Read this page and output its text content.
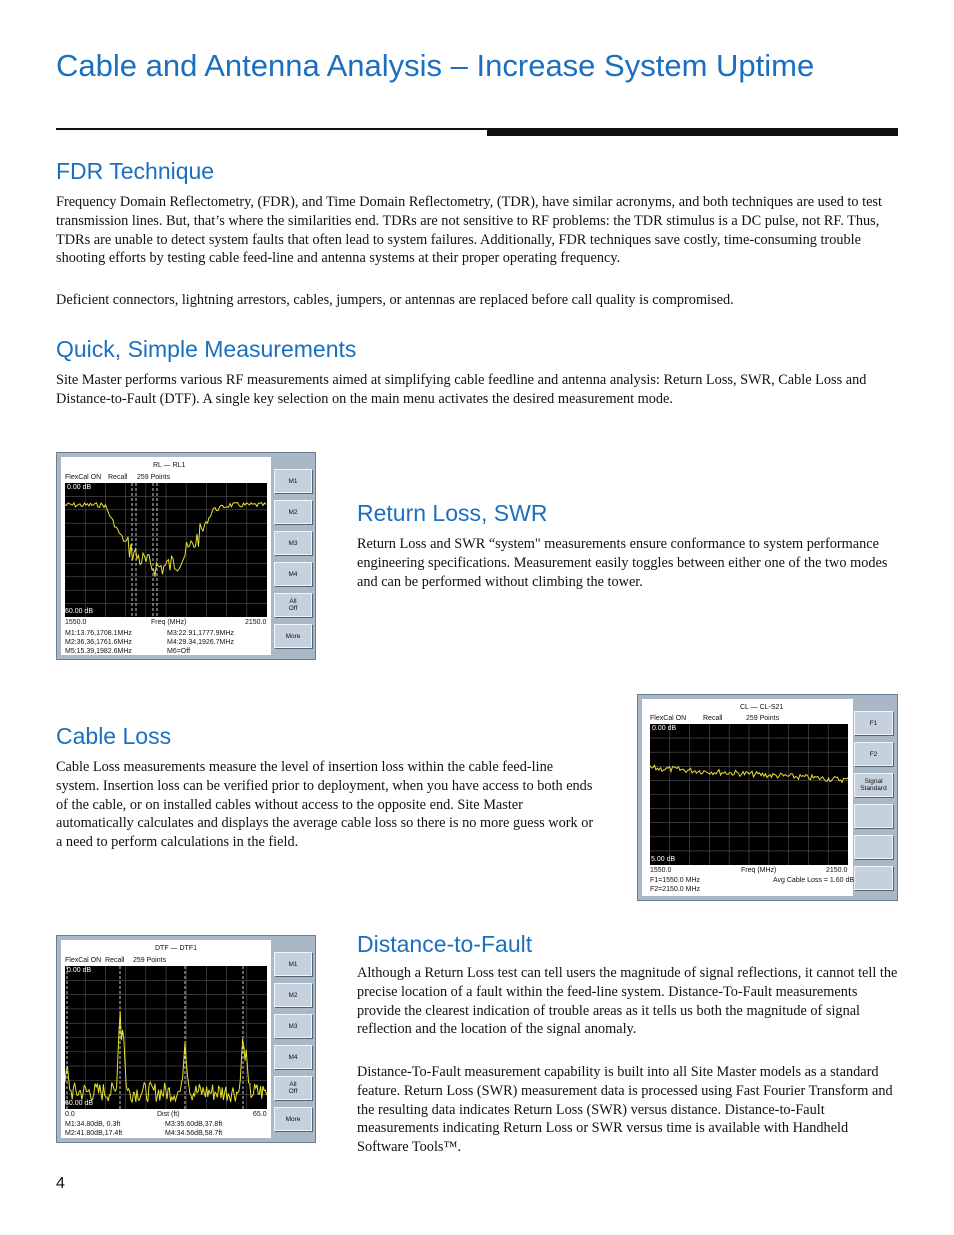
Cable and Antenna Analysis – Increase System Uptime
FDR Technique

Frequency Domain Reflectometry, (FDR), and Time Domain Reflectometry, (TDR), have similar acronyms, and both techniques are used to test transmission lines. But, that’s where the similarities end. TDRs are not sensitive to RF problems: the TDR stimulus is a DC pulse, not RF. Thus, TDRs are unable to detect system faults that often lead to system failures. Additionally, FDR techniques save costly, time-consuming trouble shooting efforts by testing cable feed-line and antenna systems at their proper operating frequency.

Deficient connectors, lightning arrestors, cables, jumpers, or antennas are replaced before call quality is compromised.

Quick, Simple Measurements

Site Master performs various RF measurements aimed at simplifying cable feedline and antenna analysis: Return Loss, SWR, Cable Loss and Distance-to-Fault (DTF). A single key selection on the main menu activates the desired measurement mode.

RL — RL1
FlexCal ON Recall 259 Points
0.00 dB
60.00 dB
1550.0	Freq (MHz)	2150.0
M1:13.76,1708.1MHz
M2:36.36,1761.6MHz
M5:15.39,1982.6MHz
M3:22.91,1777.9MHz
M4:29.34,1926.7MHz
M6=Off
M1
M2
M3
M4
All
Off
More
Return Loss, SWR

Return Loss and SWR “system" measurements ensure conformance to system performance engineering specifications. Measurement easily toggles between either one of the two modes and can be performed without climbing the tower.

Cable Loss

Cable Loss measurements measure the level of insertion loss within the cable feed-line system. Insertion loss can be verified prior to deployment, when you have access to both ends of the cable, or on installed cables without access to the opposite end. Site Master automatically calculates and displays the average cable loss so there is no more guess work or a need to perform calculations in the field.

CL — CL-S21
FlexCal ON Recall	259 Points
0.00 dB
5.00 dB
1550.0	Freq (MHz)	2150.0
F1=1550.0 MHz
F2=2150.0 MHz
Avg Cable Loss = 1.60 dB
F1
F2
Signal
Standard
DTF — DTF1
FlexCal ON Recall 259 Points
0.00 dB
60.00 dB
0.0	Dist (ft)	65.0
M1:34.80dB, 0.3ft
M2:41.80dB,17.4ft
M3:35.60dB,37.8ft
M4:34.56dB,58.7ft
M1
M2
M3
M4
All
Off
More
Distance-to-Fault

Although a Return Loss test can tell users the magnitude of signal reflections, it cannot tell the precise location of a fault within the feed-line system. Distance-To-Fault measurements provide the clearest indication of trouble areas as it tells us both the magnitude of signal reflection and the location of the signal anomaly.

Distance-To-Fault measurement capability is built into all Site Master models as a standard feature. Return Loss (SWR) measurement data is processed using Fast Fourier Transform and the resulting data indicates Return Loss (SWR) versus distance. Distance-to-Fault measurements indicating Return Loss or SWR versus time is available with Handheld Software Tools™.

4
